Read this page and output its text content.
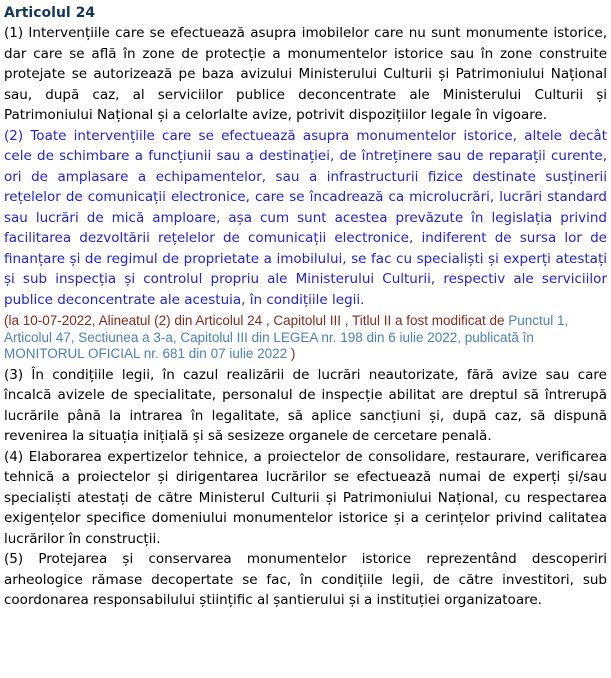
Articolul 24

(1) Intervențiile care se efectuează asupra imobilelor care nu sunt monumente istorice, dar care se află în zone de protecție a monumentelor istorice sau în zone construite protejate se autorizează pe baza avizului Ministerului Culturii și Patrimoniului Național sau, după caz, al serviciilor publice deconcentrate ale Ministerului Culturii și Patrimoniului Național și a celorlalte avize, potrivit dispozițiilor legale în vigoare.

(2) Toate intervențiile care se efectuează asupra monumentelor istorice, altele decât cele de schimbare a funcțiunii sau a destinației, de întreținere sau de reparații curente, ori de amplasare a echipamentelor, sau a infrastructurii fizice destinate susținerii rețelelor de comunicații electronice, care se încadrează ca microlucrări, lucrări standard sau lucrări de mică amploare, așa cum sunt acestea prevăzute în legislația privind facilitarea dezvoltării rețelelor de comunicații electronice, indiferent de sursa lor de finanțare și de regimul de proprietate a imobilului, se fac cu specialiști și experți atestați și sub inspecția și controlul propriu ale Ministerului Culturii, respectiv ale serviciilor publice deconcentrate ale acestuia, în condițiile legii.

(la 10-07-2022, Alineatul (2) din Articolul 24 , Capitolul III , Titlul II a fost modificat de Punctul 1, Articolul 47, Sectiunea a 3-a, Capitolul III din LEGEA nr. 198 din 6 iulie 2022, publicată în MONITORUL OFICIAL nr. 681 din 07 iulie 2022 )

(3) În condițiile legii, în cazul realizării de lucrări neautorizate, fără avize sau care încalcă avizele de specialitate, personalul de inspecție abilitat are dreptul să întrerupă lucrările până la intrarea în legalitate, să aplice sancțiuni și, după caz, să dispună revenirea la situația inițială și să sesizeze organele de cercetare penală.

(4) Elaborarea expertizelor tehnice, a proiectelor de consolidare, restaurare, verificarea tehnică a proiectelor și dirigentarea lucrărilor se efectuează numai de experți și/sau specialiști atestați de către Ministerul Culturii și Patrimoniului Național, cu respectarea exigențelor specifice domeniului monumentelor istorice și a cerințelor privind calitatea lucrărilor în construcții.

(5) Protejarea și conservarea monumentelor istorice reprezentând descoperiri arheologice rămase decopertate se fac, în condițiile legii, de către investitori, sub coordonarea responsabilului științific al șantierului și a instituției organizatoare.
